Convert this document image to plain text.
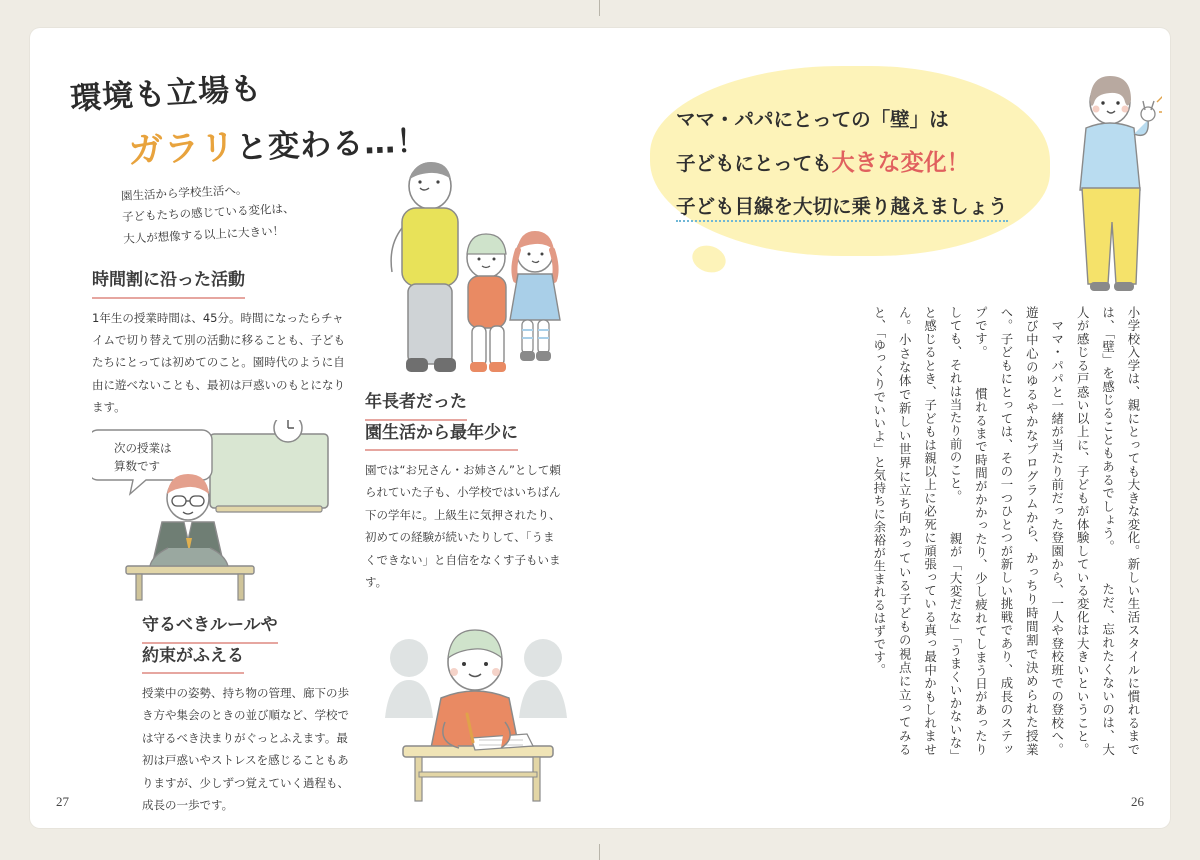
環境も立場も
ガラリと変わる…！
園生活から学校生活へ。
子どもたちの感じている変化は、
大人が想像する以上に大きい！
時間割に沿った活動

1年生の授業時間は、45分。時間になったらチャイムで切り替えて別の活動に移ることも、子どもたちにとっては初めてのこと。園時代のように自由に遊べないことも、最初は戸惑いのもとになります。

次の授業は
算数です
年長者だった
園生活から最年少に

園では“お兄さん・お姉さん”として頼られていた子も、小学校ではいちばん下の学年に。上級生に気押されたり、初めての経験が続いたりして、「うまくできない」と自信をなくす子もいます。

守るべきルールや
約束がふえる

授業中の姿勢、持ち物の管理、廊下の歩き方や集会のときの並び順など、学校では守るべき決まりがぐっとふえます。最初は戸惑いやストレスを感じることもありますが、少しずつ覚えていく過程も、成長の一歩です。

27
ママ・パパにとっての「壁」は
子どもにとっても大きな変化！
子ども目線を大切に乗り越えましょう
小学校入学は、親にとっても大きな変化。新しい生活スタイルに慣れるまでは、「壁」を感じることもあるでしょう。 　ただ、忘れたくないのは、大人が感じる戸惑い以上に、子どもが体験している変化は大きいということ。 　ママ・パパと一緒が当たり前だった登園から、一人や登校班での登校へ。遊び中心のゆるやかなプログラムから、かっちり時間割で決められた授業へ。子どもにとっては、その一つひとつが新しい挑戦であり、成長のステップです。 　慣れるまで時間がかかったり、少し疲れてしまう日があったりしても、それは当たり前のこと。 　親が「大変だな」「うまくいかないな」と感じるとき、子どもは親以上に必死に頑張っている真っ最中かもしれません。小さな体で新しい世界に立ち向かっている子どもの視点に立ってみると、「ゆっくりでいいよ」と気持ちに余裕が生まれるはずです。
26
